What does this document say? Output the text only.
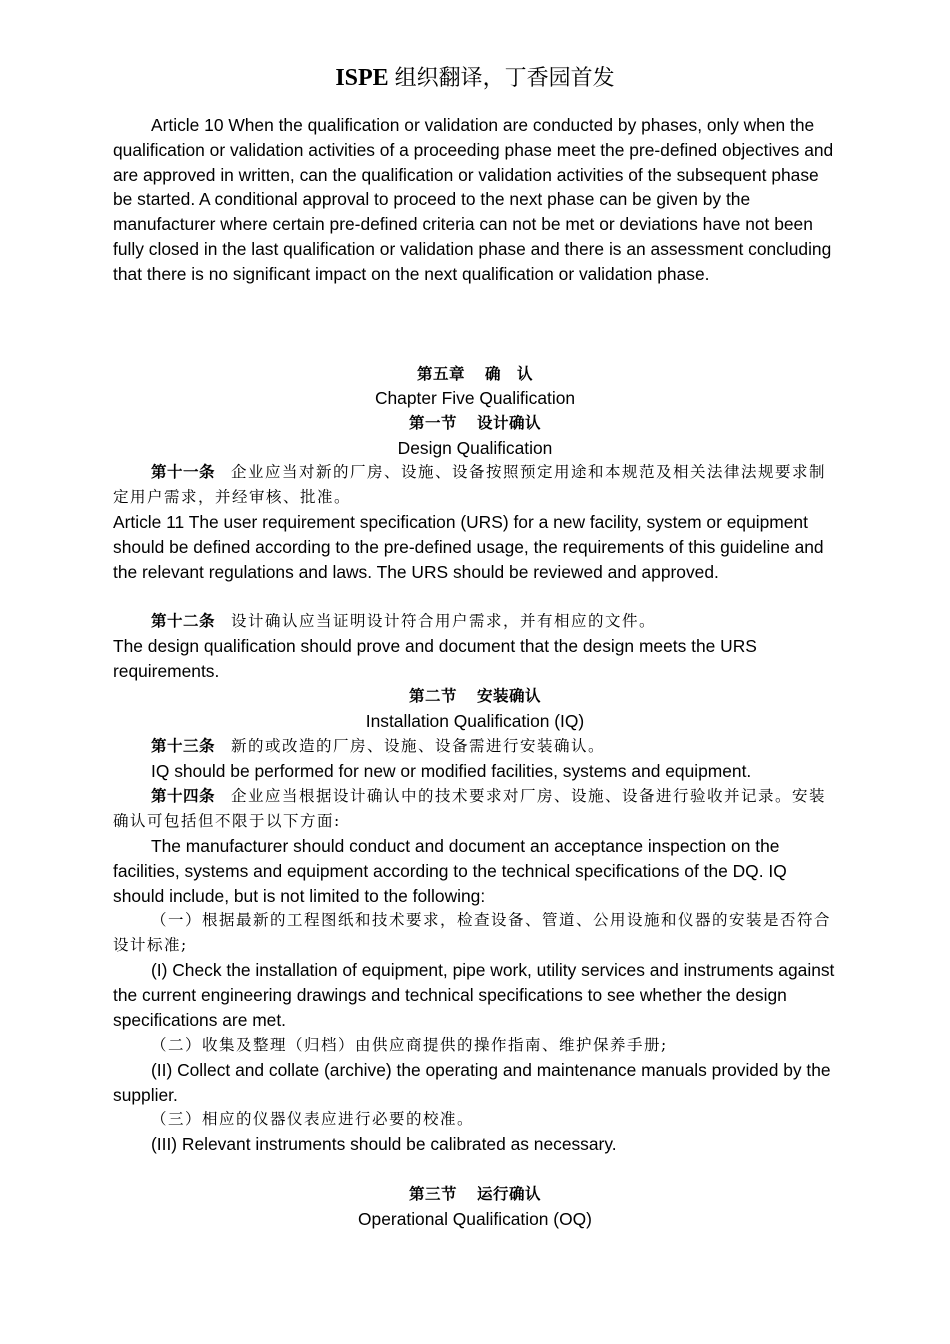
ISPE 组织翻译，丁香园首发

Article 10 When the qualification or validation are conducted by phases, only when the qualification or validation activities of a proceeding phase meet the pre-defined objectives and are approved in written, can the qualification or validation activities of the subsequent phase be started. A conditional approval to proceed to the next phase can be given by the manufacturer where certain pre-defined criteria can not be met or deviations have not been fully closed in the last qualification or validation phase and there is an assessment concluding that there is no significant impact on the next qualification or validation phase.

第五章 确　认
Chapter Five Qualification
第一节 设计确认
Design Qualification

第十一条 企业应当对新的厂房、设施、设备按照预定用途和本规范及相关法律法规要求制定用户需求，并经审核、批准。

Article 11 The user requirement specification (URS) for a new facility, system or equipment should be defined according to the pre-defined usage, the requirements of this guideline and the relevant regulations and laws. The URS should be reviewed and approved.

第十二条 设计确认应当证明设计符合用户需求，并有相应的文件。

The design qualification should prove and document that the design meets the URS requirements.

第二节 安装确认
Installation Qualification (IQ)

第十三条 新的或改造的厂房、设施、设备需进行安装确认。

IQ should be performed for new or modified facilities, systems and equipment.

第十四条 企业应当根据设计确认中的技术要求对厂房、设施、设备进行验收并记录。安装确认可包括但不限于以下方面:

The manufacturer should conduct and document an acceptance inspection on the facilities, systems and equipment according to the technical specifications of the DQ. IQ should include, but is not limited to the following:

（一）根据最新的工程图纸和技术要求，检查设备、管道、公用设施和仪器的安装是否符合设计标准;

(I) Check the installation of equipment, pipe work, utility services and instruments against the current engineering drawings and technical specifications to see whether the design specifications are met.

（二）收集及整理（归档）由供应商提供的操作指南、维护保养手册;

(II) Collect and collate (archive) the operating and maintenance manuals provided by the supplier.

（三）相应的仪器仪表应进行必要的校准。

(III) Relevant instruments should be calibrated as necessary.

第三节 运行确认
Operational Qualification (OQ)
